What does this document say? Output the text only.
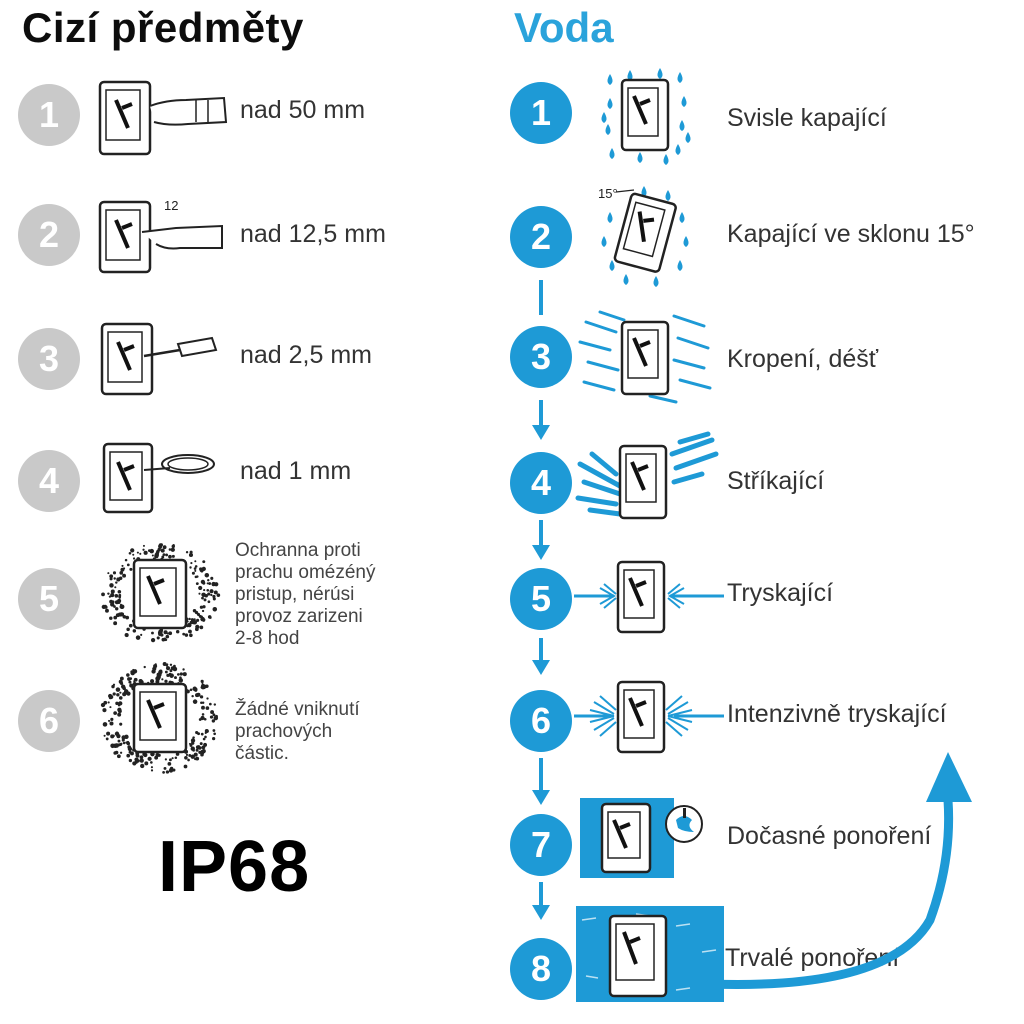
Cizí předměty	Voda
1
2
3
4
5
6
nad 50 mm
nad 12,5 mm
nad 2,5 mm
nad 1 mm
Ochranna proti
prachu omézéný
pristup, nérúsi
provoz zarizeni
2-8 hod
Žádné vniknutí
prachových
částic.
12
IP68
1
2
3
4
5
6
7
8
Svisle kapající
Kapající ve sklonu 15°
Kropení, déšť
Stříkající
Tryskající
Intenzivně tryskající
Dočasné ponoření
Trvalé ponoření
15°
